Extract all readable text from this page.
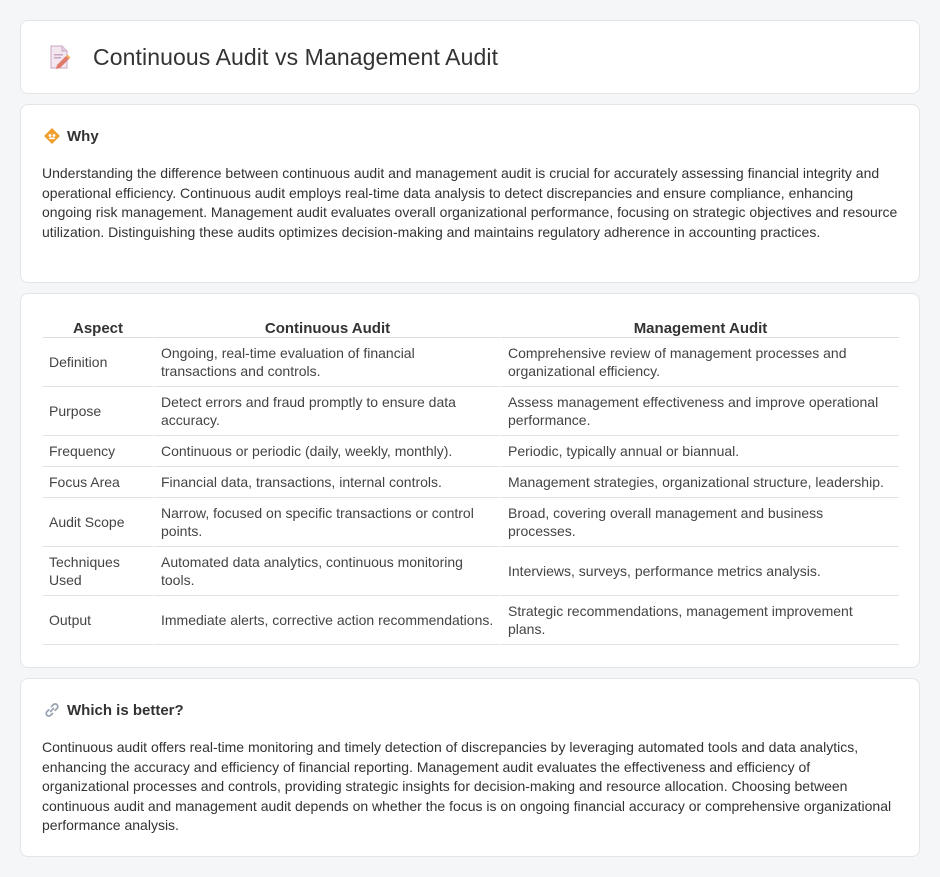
Continuous Audit vs Management Audit
Why

Understanding the difference between continuous audit and management audit is crucial for accurately assessing financial integrity and operational efficiency. Continuous audit employs real-time data analysis to detect discrepancies and ensure compliance, enhancing ongoing risk management. Management audit evaluates overall organizational performance, focusing on strategic objectives and resource utilization. Distinguishing these audits optimizes decision-making and maintains regulatory adherence in accounting practices.

Aspect	Continuous Audit	Management Audit
Definition	Ongoing, real-time evaluation of financial transactions and controls.	Comprehensive review of management processes and organizational efficiency.
Purpose	Detect errors and fraud promptly to ensure data accuracy.	Assess management effectiveness and improve operational performance.
Frequency	Continuous or periodic (daily, weekly, monthly).	Periodic, typically annual or biannual.
Focus Area	Financial data, transactions, internal controls.	Management strategies, organizational structure, leadership.
Audit Scope	Narrow, focused on specific transactions or control points.	Broad, covering overall management and business processes.
Techniques Used	Automated data analytics, continuous monitoring tools.	Interviews, surveys, performance metrics analysis.
Output	Immediate alerts, corrective action recommendations.	Strategic recommendations, management improvement plans.
Which is better?

Continuous audit offers real-time monitoring and timely detection of discrepancies by leveraging automated tools and data analytics, enhancing the accuracy and efficiency of financial reporting. Management audit evaluates the effectiveness and efficiency of organizational processes and controls, providing strategic insights for decision-making and resource allocation. Choosing between continuous audit and management audit depends on whether the focus is on ongoing financial accuracy or comprehensive organizational performance analysis.
